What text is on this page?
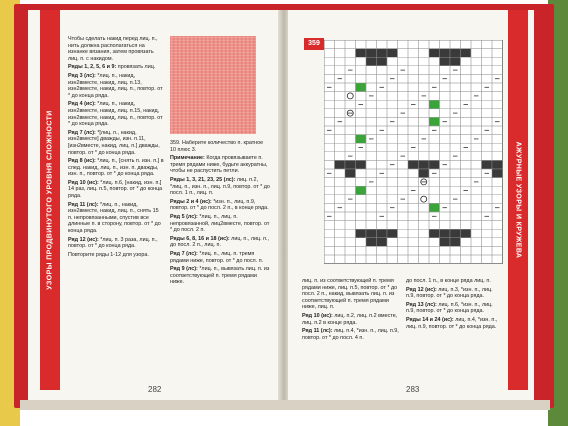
УЗОРЫ ПРОДВИНУТОГО УРОВНЯ СЛОЖНОСТИ

Чтобы сделать накид перед лиц. п., нить должна располагаться на изнанке вязания, затем провязать лиц. п. с накидом.

Ряды 1, 2, 5, 6 и 9: провязать лиц.

Ряд 3 (лс): *лиц. п., накид, изн2вместе, накид, лиц. п.13, изн2вместе, накид, лиц. п., повтор. от * до конца ряда.

Ряд 4 (ис): *лиц. п., накид, изн2вместе, накид, лиц. п.15, накид, изн2вместе, накид, лиц. п., повтор. от * до конца ряда.

Ряд 7 (лс): *[лиц. п., накид, изн2вместе] дважды, изн. п.11, [изн2вместе, накид, лиц. п.] дважды, повтор. от * до конца ряда.

Ряд 8 (ис): *лиц. п., [снять п. изн. п.] в след. накид, лиц. п., изн. п. дважды, изн. п., повтор. от * до конца ряда.

Ряд 10 (ис): *лиц. п.6, [накид, изн. п.] 14 раз, лиц. п.5, повтор. от * до конца ряда.

Ряд 11 (лс): *лиц. п., накид, изн2вместе, накид, лиц. п., снять 15 п. непровязанными, спустив все длинные п. в сторону, повтор. от * до конца ряда.

Ряд 12 (ис): *лиц. п. 3 раза, лиц. п., повтор. от * до конца ряда.

Повторите ряды 1-12 для узора.

359. Наберите количество п. кратное 10 плюс 3.

Примечание: Когда провязываете п. тремя рядами ниже, будьте аккуратны, чтобы не распустить петли.

Ряды 1, 3, 21, 23, 25 (лс): лиц. п.2, *лиц. п., изн. п., лиц. п.9, повтор. от * до посл. 1 п., лиц. п.

Ряды 2 и 4 (ис): *изн. п., лиц. п.9, повтор. от * до посл. 2 п., в конце ряда.

Ряд 5 (лс): *лиц. п., лиц. п. непровязанной, лиц2вместе, повтор. от * до посл. 2 п.

Ряды 6, 8, 16 и 18 (ис): лиц. п., лиц. п., до посл. 2 п., лиц. п.

Ряд 7 (лс): *лиц. п., лиц. п. тремя рядами ниже, повтор. от * до посл. п.

Ряд 9 (лс): *лиц. п., вывязать лиц. п. из соответствующей п. тремя рядами ниже.

282
359
АЖУРНЫЕ УЗОРЫ И КРУЖЕВА

лиц. п. из соответствующей п. тремя рядами ниже, лиц. п.5, повтор. от * до посл. 2 п., накид, вывязать лиц. п. из соответствующей п. тремя рядами ниже, лиц. п.

Ряд 10 (ис): лиц. п.2, лиц. п.2 вместе, лиц. п.2 в конце ряда.

Ряд 11 (лс): лиц. п.4, *изн. п., лиц. п.9, повтор. от * до посл. 4 п.

до посл. 1 п., в конце ряда лиц. п.

Ряд 12 (ис): лиц. п.3, *изн. п., лиц. п.9, повтор. от * до конца ряда.

Ряд 13 (лс): лиц. п.6, *изн. п., лиц. п.9, повтор. от * до конца ряда.

Ряды 14 и 24 (ис): лиц. п.4, *изн. п., лиц. п.9, повтор. от * до конца ряда.

283
